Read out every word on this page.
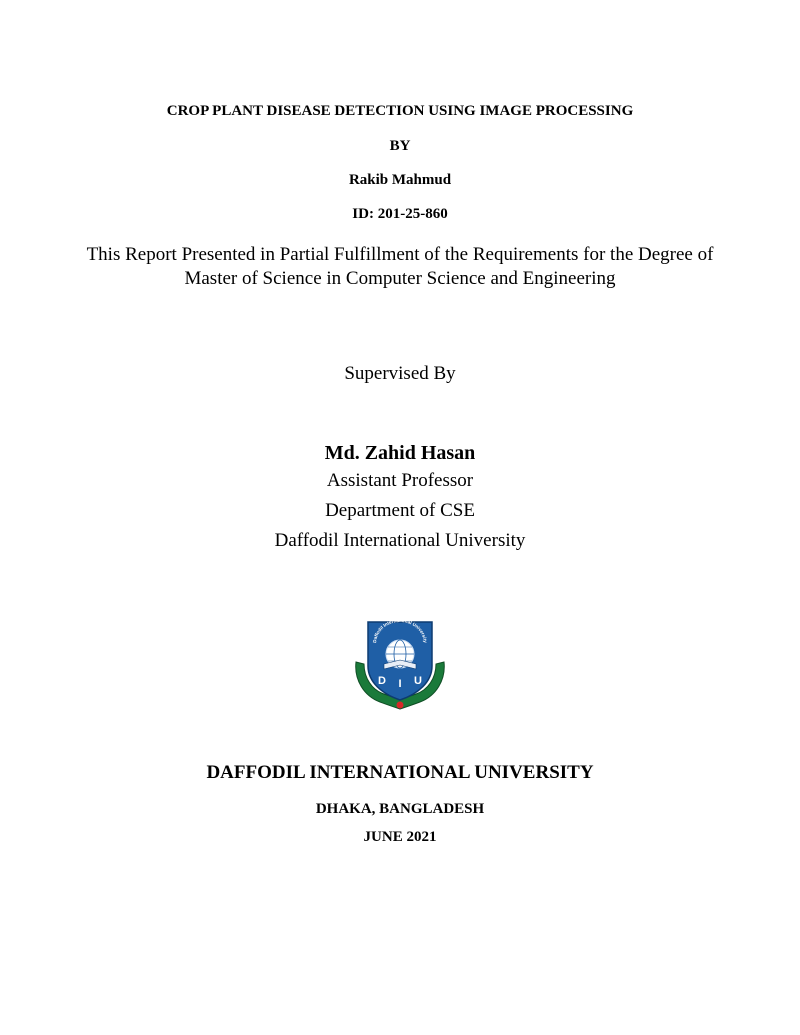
CROP PLANT DISEASE DETECTION USING IMAGE PROCESSING
BY
Rakib Mahmud
ID: 201-25-860
This Report Presented in Partial Fulfillment of the Requirements for the Degree of
Master of Science in Computer Science and Engineering
Supervised By
Md. Zahid Hasan
Assistant Professor
Department of CSE
Daffodil International University
Daffodil International University
D I U
DAFFODIL INTERNATIONAL UNIVERSITY
DHAKA, BANGLADESH
JUNE 2021
